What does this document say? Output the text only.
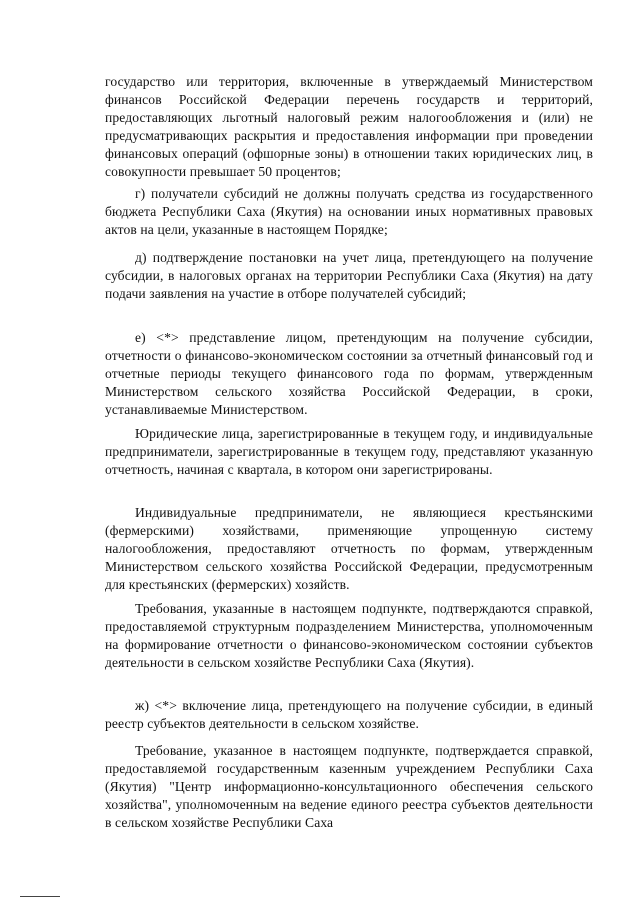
государство или территория, включенные в утверждаемый Министерством финансов Российской Федерации перечень государств и территорий, предоставляющих льготный налоговый режим налогообложения и (или) не предусматривающих раскрытия и предоставления информации при проведении финансовых операций (офшорные зоны) в отношении таких юридических лиц, в совокупности превышает 50 процентов;

г) получатели субсидий не должны получать средства из государственного бюджета Республики Саха (Якутия) на основании иных нормативных правовых актов на цели, указанные в настоящем Порядке;

д) подтверждение постановки на учет лица, претендующего на получение субсидии, в налоговых органах на территории Республики Саха (Якутия) на дату подачи заявления на участие в отборе получателей субсидий;

е) <*> представление лицом, претендующим на получение субсидии, отчетности о финансово-экономическом состоянии за отчетный финансовый год и отчетные периоды текущего финансового года по формам, утвержденным Министерством сельского хозяйства Российской Федерации, в сроки, устанавливаемые Министерством.

Юридические лица, зарегистрированные в текущем году, и индивидуальные предприниматели, зарегистрированные в текущем году, представляют указанную отчетность, начиная с квартала, в котором они зарегистрированы.

Индивидуальные предприниматели, не являющиеся крестьянскими (фермерскими) хозяйствами, применяющие упрощенную систему налогообложения, предоставляют отчетность по формам, утвержденным Министерством сельского хозяйства Российской Федерации, предусмотренным для крестьянских (фермерских) хозяйств.

Требования, указанные в настоящем подпункте, подтверждаются справкой, предоставляемой структурным подразделением Министерства, уполномоченным на формирование отчетности о финансово-экономическом состоянии субъектов деятельности в сельском хозяйстве Республики Саха (Якутия).

ж) <*> включение лица, претендующего на получение субсидии, в единый реестр субъектов деятельности в сельском хозяйстве.

Требование, указанное в настоящем подпункте, подтверждается справкой, предоставляемой государственным казенным учреждением Республики Саха (Якутия) "Центр информационно-консультационного обеспечения сельского хозяйства", уполномоченным на ведение единого реестра субъектов деятельности в сельском хозяйстве Республики Саха
